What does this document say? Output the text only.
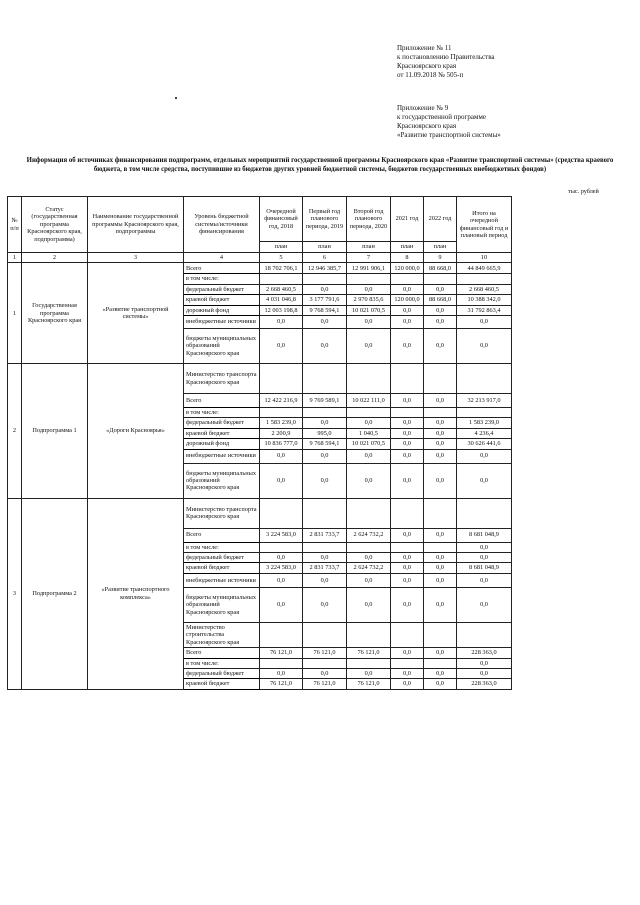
Приложение № 11
к постановлению Правительства
Красноярского края
от 11.09.2018 № 505-п
Приложение № 9
к государственной программе
Красноярского края
«Развитие транспортной системы»
Информация об источниках финансирования подпрограмм, отдельных мероприятий государственной программы Красноярского края «Развитие транспортной системы» (средства краевого бюджета, в том числе средства, поступившие из бюджетов других уровней бюджетной системы, бюджетов государственных внебюджетных фондов)
тыс. рублей
№ п/п	Статус (государственная программа Красноярского края, подпрограмма)	Наименование государственной программы Красноярского края, подпрограммы	Уровень бюджетной системы/источники финансирования	Очередной финансовый год, 2018	Первый год планового периода, 2019	Второй год планового периода, 2020	2021 год	2022 год	Итого на очередной финансовый год и плановый период
				план	план	план	план	план	
1	2	3	4	5	6	7	8	9	10
1	Государственная программа Красноярского края	«Развитие транспортной системы»	Всего	18 702 706,1	12 946 385,7	12 991 906,1	120 000,0	88 668,0	44 849 665,9
			в том числе:						
			федеральный бюджет	2 668 460,5	0,0	0,0	0,0	0,0	2 668 460,5
			краевой бюджет	4 031 046,8	3 177 791,6	2 970 835,6	120 000,0	88 668,0	10 388 342,0
			дорожный фонд	12 003 198,8	9 768 594,1	10 021 070,5	0,0	0,0	31 792 863,4
			внебюджетные источники	0,0	0,0	0,0	0,0	0,0	0,0
			бюджеты муниципальных образований Красноярского края	0,0	0,0	0,0	0,0	0,0	0,0
2	Подпрограмма 1	«Дороги Красноярья»	Министерство транспорта Красноярского края						
			Всего	12 422 216,9	9 769 589,1	10 022 111,0	0,0	0,0	32 213 917,0
			в том числе:						
			федеральный бюджет	1 583 239,0	0,0	0,0	0,0	0,0	1 583 239,0
			краевой бюджет	2 200,9	995,0	1 040,5	0,0	0,0	4 236,4
			дорожный фонд	10 836 777,0	9 768 594,1	10 021 070,5	0,0	0,0	30 626 441,6
			внебюджетные источники	0,0	0,0	0,0	0,0	0,0	0,0
			бюджеты муниципальных образований Красноярского края	0,0	0,0	0,0	0,0	0,0	0,0
3	Подпрограмма 2	«Развитие транспортного комплекса»	Министерство транспорта Красноярского края						
			Всего	3 224 583,0	2 831 733,7	2 624 732,2	0,0	0,0	8 681 048,9
			в том числе:						0,0
			федеральный бюджет	0,0	0,0	0,0	0,0	0,0	0,0
			краевой бюджет	3 224 583,0	2 831 733,7	2 624 732,2	0,0	0,0	8 681 048,9
			внебюджетные источники	0,0	0,0	0,0	0,0	0,0	0,0
			бюджеты муниципальных образований Красноярского края	0,0	0,0	0,0	0,0	0,0	0,0
			Министерство строительства Красноярского края						
			Всего	76 121,0	76 121,0	76 121,0	0,0	0,0	228 363,0
			в том числе:						0,0
			федеральный бюджет	0,0	0,0	0,0	0,0	0,0	0,0
			краевой бюджет	76 121,0	76 121,0	76 121,0	0,0	0,0	228 363,0
